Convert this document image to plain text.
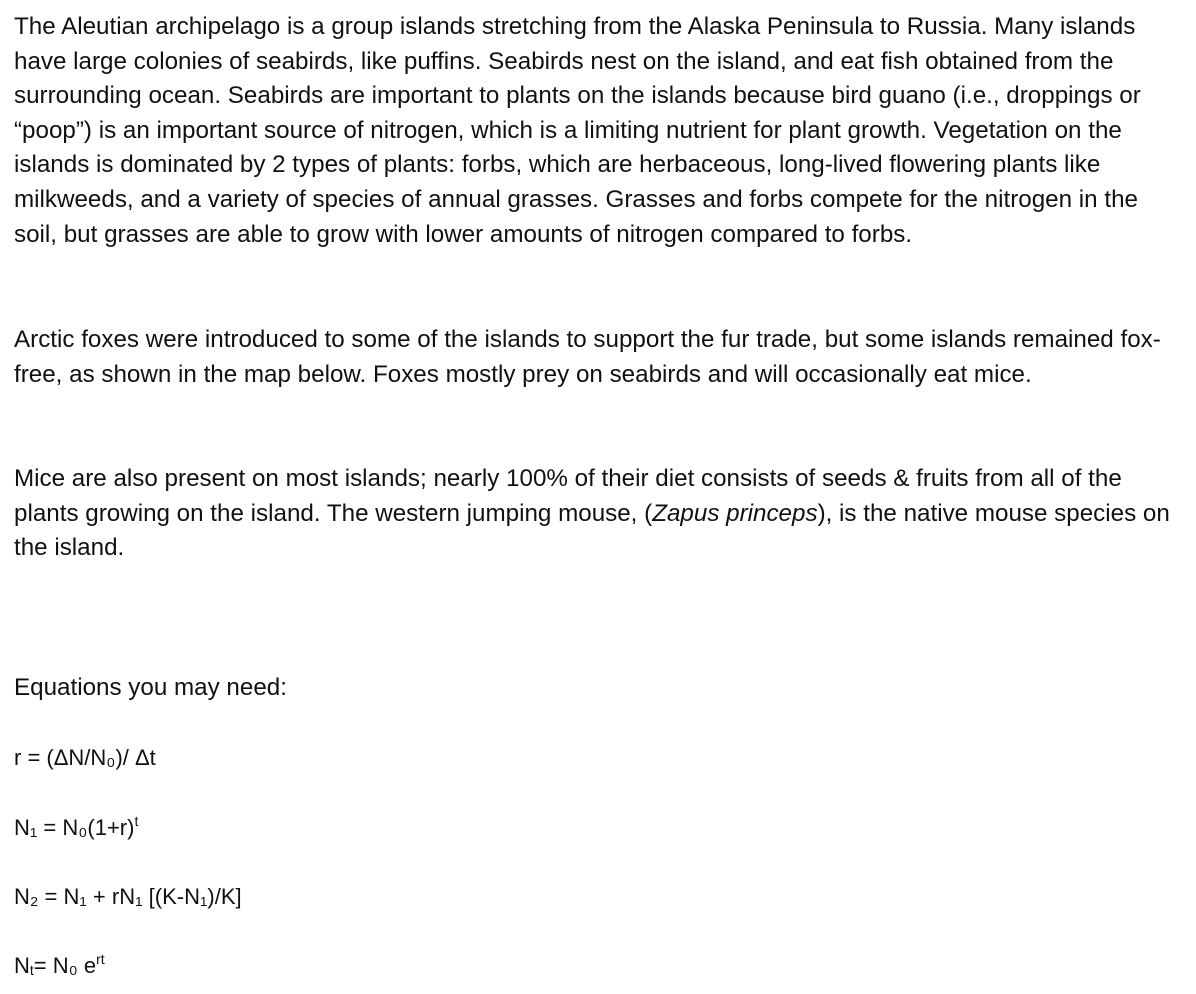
The Aleutian archipelago is a group islands stretching from the Alaska Peninsula to Russia. Many islands have large colonies of seabirds, like puffins. Seabirds nest on the island, and eat fish obtained from the surrounding ocean. Seabirds are important to plants on the islands because bird guano (i.e., droppings or “poop”) is an important source of nitrogen, which is a limiting nutrient for plant growth. Vegetation on the islands is dominated by 2 types of plants: forbs, which are herbaceous, long-lived flowering plants like milkweeds, and a variety of species of annual grasses. Grasses and forbs compete for the nitrogen in the soil, but grasses are able to grow with lower amounts of nitrogen compared to forbs.

Arctic foxes were introduced to some of the islands to support the fur trade, but some islands remained fox-free, as shown in the map below. Foxes mostly prey on seabirds and will occasionally eat mice.

Mice are also present on most islands; nearly 100% of their diet consists of seeds & fruits from all of the plants growing on the island. The western jumping mouse, (Zapus princeps), is the native mouse species on the island.

Equations you may need:

r = (ΔN/N₀)/ Δt

$N_1 = N_0(1+r)^t$

N₂ = N₁ + rN₁ [(K-N₁)/K]

$N_t= N_0$ $e^{rt}$
